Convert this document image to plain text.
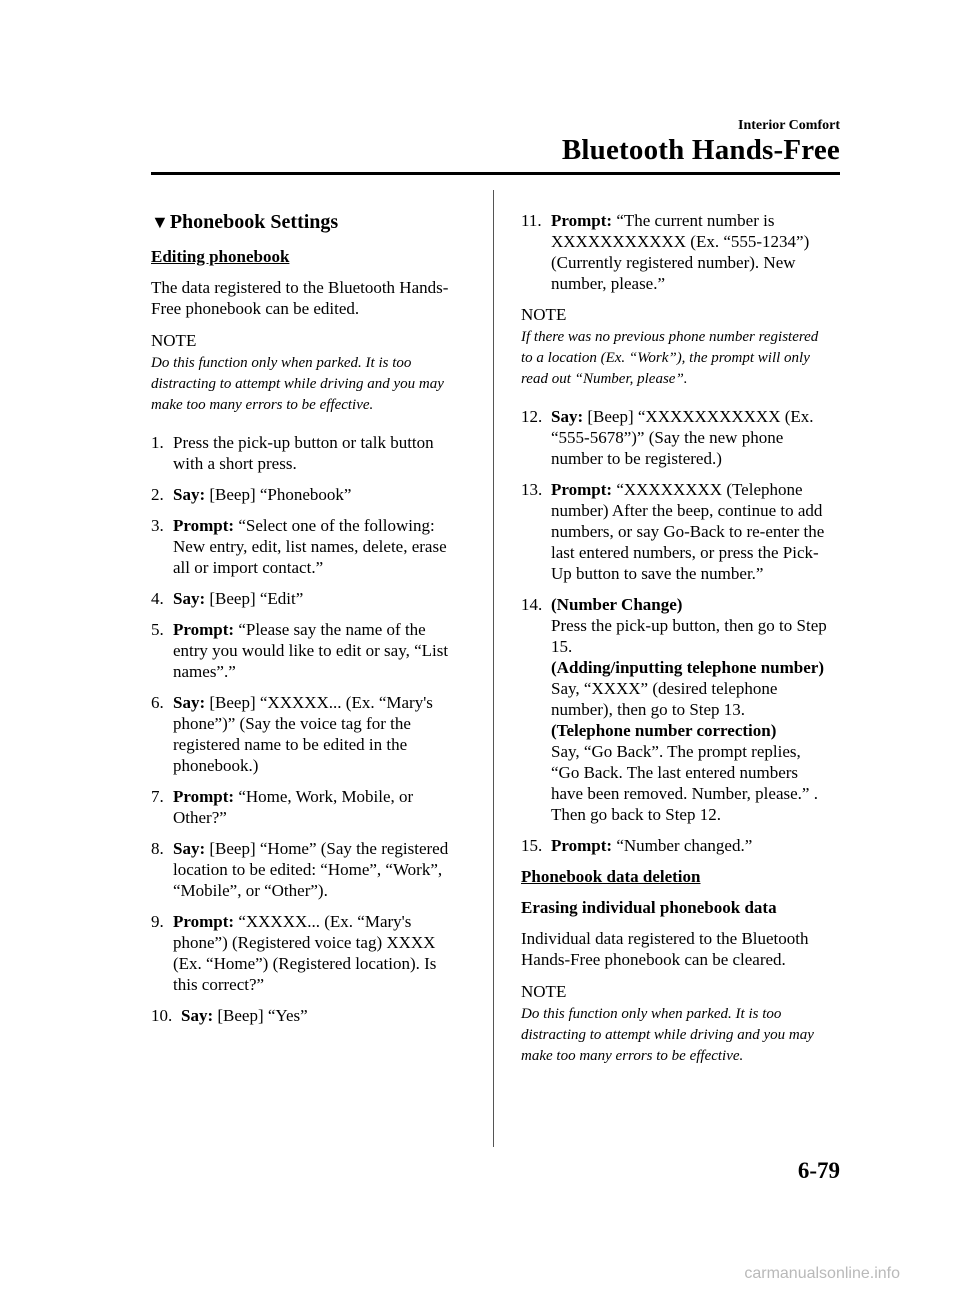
Interior Comfort
Bluetooth Hands-Free
▼Phonebook Settings
Editing phonebook

The data registered to the Bluetooth Hands-Free phonebook can be edited.

NOTE
Do this function only when parked. It is too distracting to attempt while driving and you may make too many errors to be effective.
1. Press the pick-up button or talk button with a short press.
2. Say: [Beep] “Phonebook”
3. Prompt: “Select one of the following: New entry, edit, list names, delete, erase all or import contact.”
4. Say: [Beep] “Edit”
5. Prompt: “Please say the name of the entry you would like to edit or say, “List names”.”
6. Say: [Beep] “XXXXX... (Ex. “Mary's phone”)” (Say the voice tag for the registered name to be edited in the phonebook.)
7. Prompt: “Home, Work, Mobile, or Other?”
8. Say: [Beep] “Home” (Say the registered location to be edited: “Home”, “Work”, “Mobile”, or “Other”).
9. Prompt: “XXXXX... (Ex. “Mary's phone”) (Registered voice tag) XXXX (Ex. “Home”) (Registered location). Is this correct?”
10. Say: [Beep] “Yes”
11. Prompt: “The current number is XXXXXXXXXXX (Ex. “555-1234”) (Currently registered number). New number, please.”
NOTE
If there was no previous phone number registered to a location (Ex. “Work”), the prompt will only read out “Number, please”.
12. Say: [Beep] “XXXXXXXXXXX (Ex. “555-5678”)” (Say the new phone number to be registered.)
13. Prompt: “XXXXXXXX (Telephone number) After the beep, continue to add numbers, or say Go-Back to re-enter the last entered numbers, or press the Pick-Up button to save the number.”
14. (Number Change)
Press the pick-up button, then go to Step 15.
(Adding/inputting telephone number)
Say, “XXXX” (desired telephone number), then go to Step 13.
(Telephone number correction)
Say, “Go Back”. The prompt replies, “Go Back. The last entered numbers have been removed. Number, please.” . Then go back to Step 12.
15. Prompt: “Number changed.”
Phonebook data deletion
Erasing individual phonebook data

Individual data registered to the Bluetooth Hands-Free phonebook can be cleared.

NOTE
Do this function only when parked. It is too distracting to attempt while driving and you may make too many errors to be effective.
6-79
carmanualsonline.info
